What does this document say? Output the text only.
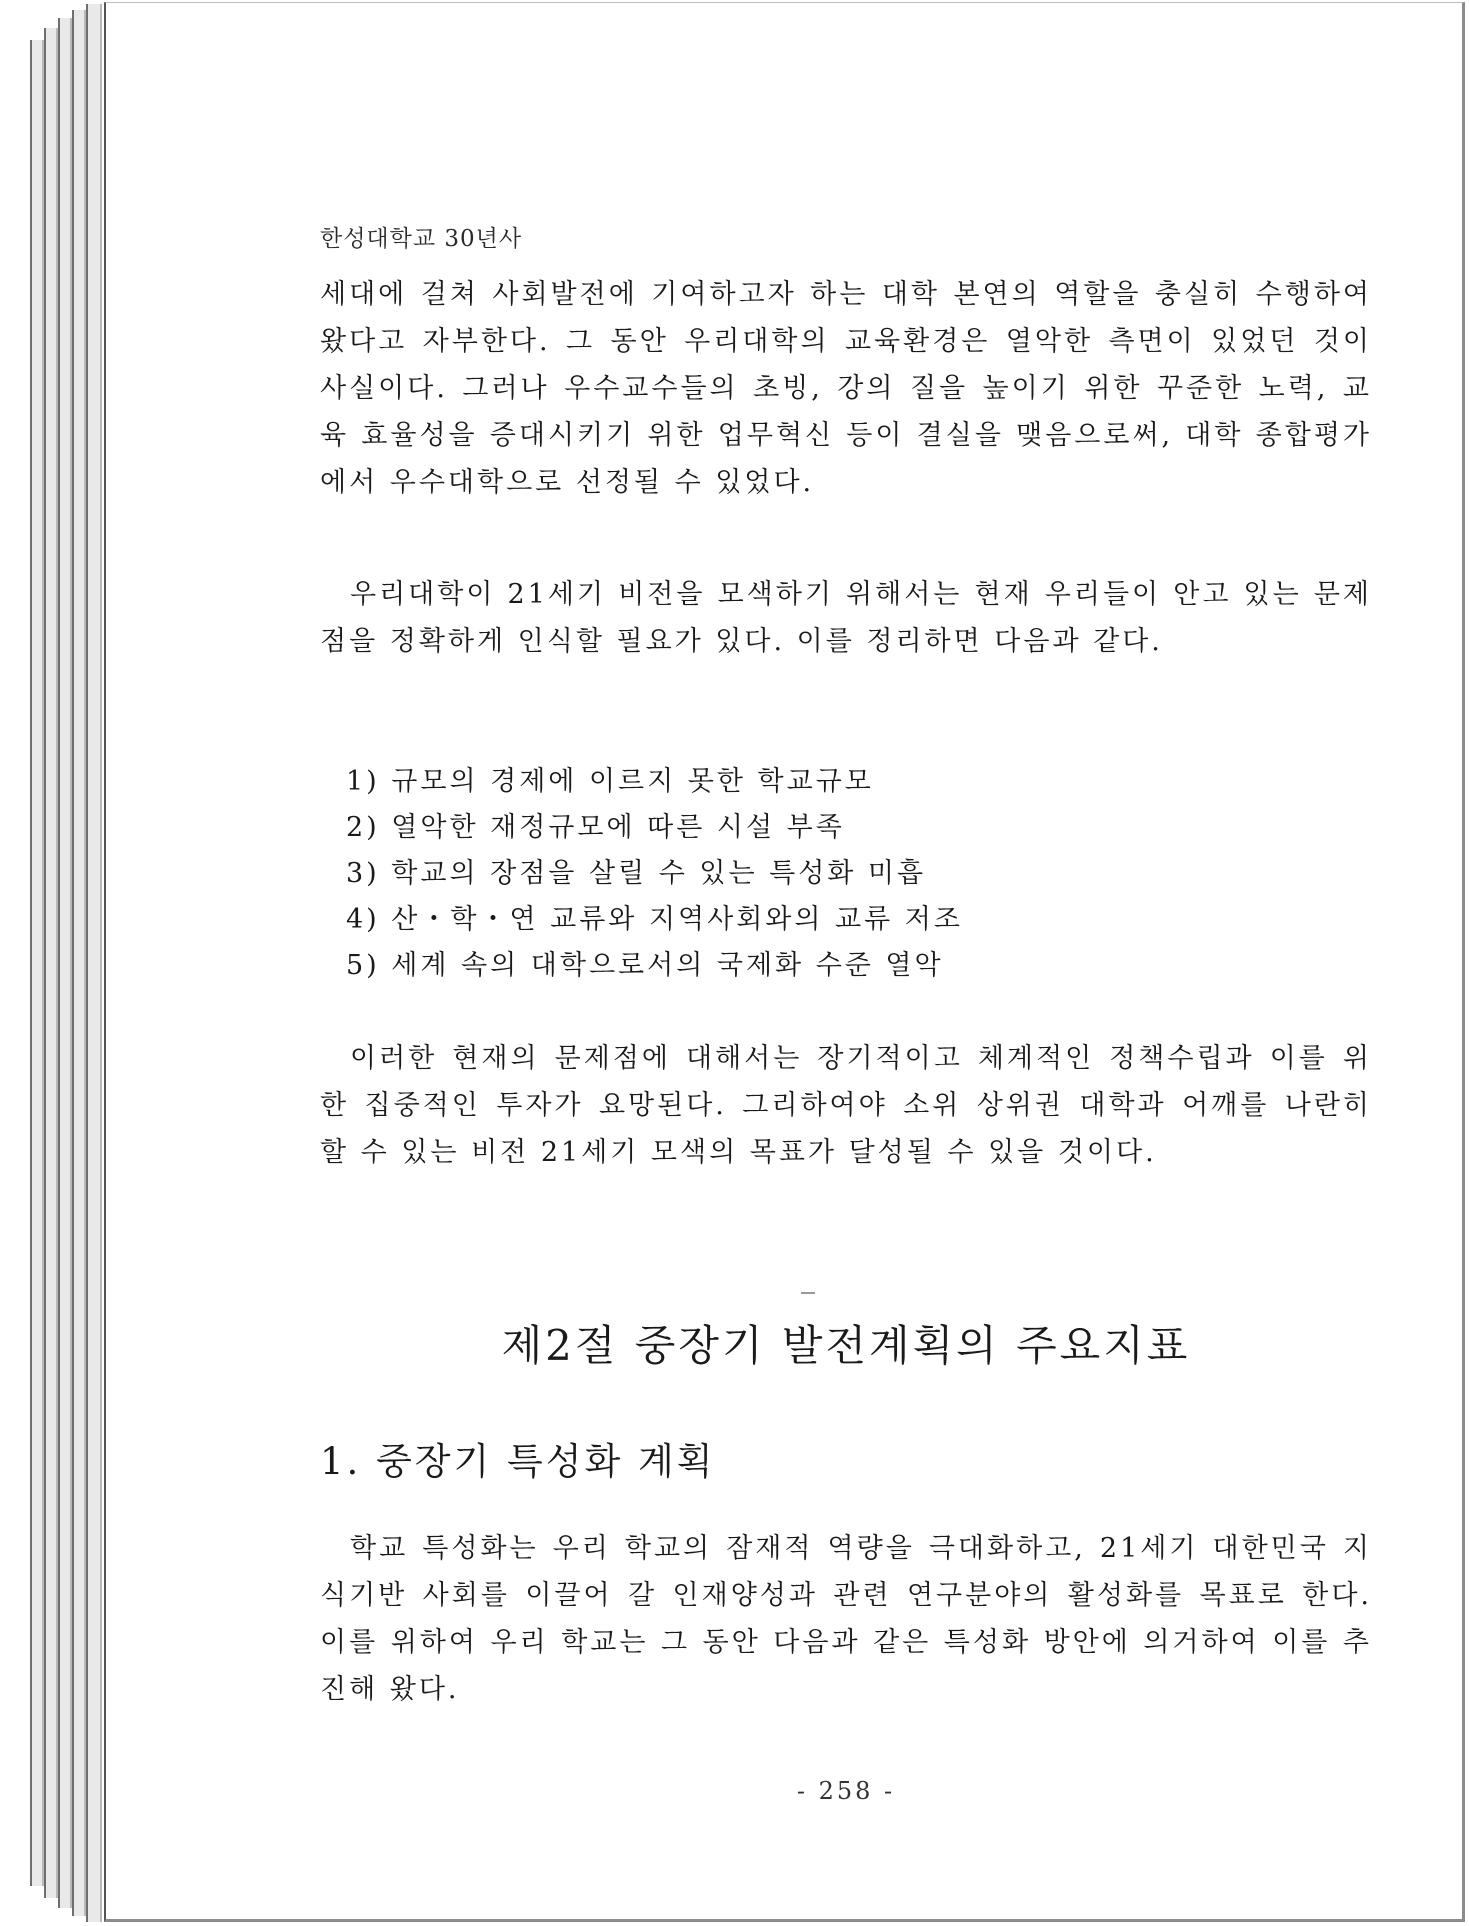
한성대학교 30년사

세대에 걸쳐 사회발전에 기여하고자 하는 대학 본연의 역할을 충실히 수행하여 왔다고 자부한다. 그 동안 우리대학의 교육환경은 열악한 측면이 있었던 것이 사실이다. 그러나 우수교수들의 초빙, 강의 질을 높이기 위한 꾸준한 노력, 교육 효율성을 증대시키기 위한 업무혁신 등이 결실을 맺음으로써, 대학 종합평가에서 우수대학으로 선정될 수 있었다.

우리대학이 21세기 비전을 모색하기 위해서는 현재 우리들이 안고 있는 문제점을 정확하게 인식할 필요가 있다. 이를 정리하면 다음과 같다.

1) 규모의 경제에 이르지 못한 학교규모
2) 열악한 재정규모에 따른 시설 부족
3) 학교의 장점을 살릴 수 있는 특성화 미흡
4) 산・학・연 교류와 지역사회와의 교류 저조
5) 세계 속의 대학으로서의 국제화 수준 열악

이러한 현재의 문제점에 대해서는 장기적이고 체계적인 정책수립과 이를 위한 집중적인 투자가 요망된다. 그리하여야 소위 상위권 대학과 어깨를 나란히 할 수 있는 비전 21세기 모색의 목표가 달성될 수 있을 것이다.

제2절 중장기 발전계획의 주요지표
1. 중장기 특성화 계획

학교 특성화는 우리 학교의 잠재적 역량을 극대화하고, 21세기 대한민국 지식기반 사회를 이끌어 갈 인재양성과 관련 연구분야의 활성화를 목표로 한다. 이를 위하여 우리 학교는 그 동안 다음과 같은 특성화 방안에 의거하여 이를 추진해 왔다.

- 258 -
